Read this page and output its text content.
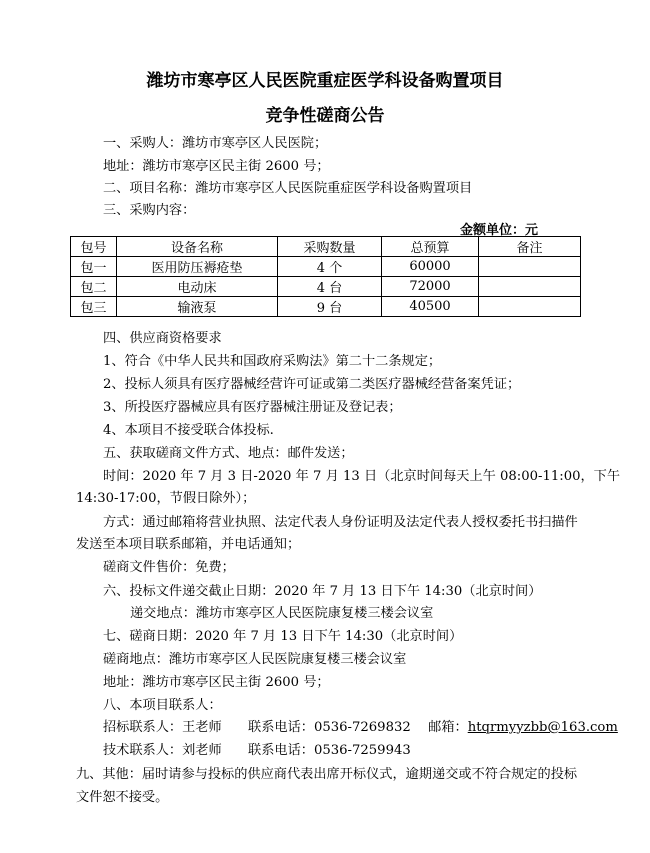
潍坊市寒亭区人民医院重症医学科设备购置项目
竞争性磋商公告
一、采购人：潍坊市寒亭区人民医院；
地址：潍坊市寒亭区民主街 2600 号；
二、项目名称：潍坊市寒亭区人民医院重症医学科设备购置项目
三、采购内容：
金额单位：元
包号	设备名称	采购数量	总预算	备注
包一	医用防压褥疮垫	4 个	60000	
包二	电动床	4 台	72000	
包三	输液泵	9 台	40500	
四、供应商资格要求
1、符合《中华人民共和国政府采购法》第二十二条规定；
2、投标人须具有医疗器械经营许可证或第二类医疗器械经营备案凭证；
3、所投医疗器械应具有医疗器械注册证及登记表；
4、本项目不接受联合体投标.
五、获取磋商文件方式、地点：邮件发送；
时间：2020 年 7 月 3 日-2020 年 7 月 13 日（北京时间每天上午 08:00-11:00，下午
14:30-17:00，节假日除外）；
方式：通过邮箱将营业执照、法定代表人身份证明及法定代表人授权委托书扫描件
发送至本项目联系邮箱，并电话通知；
磋商文件售价：免费；
六、投标文件递交截止日期：2020 年 7 月 13 日下午 14:30（北京时间）
递交地点：潍坊市寒亭区人民医院康复楼三楼会议室
七、磋商日期：2020 年 7 月 13 日下午 14:30（北京时间）
磋商地点：潍坊市寒亭区人民医院康复楼三楼会议室
地址：潍坊市寒亭区民主街 2600 号；
八、本项目联系人：
招标联系人：王老师　　联系电话：0536-7269832　 邮箱：htqrmyyzbb@163.com
技术联系人：刘老师　　联系电话：0536-7259943
九、其他：届时请参与投标的供应商代表出席开标仪式，逾期递交或不符合规定的投标
文件恕不接受。
